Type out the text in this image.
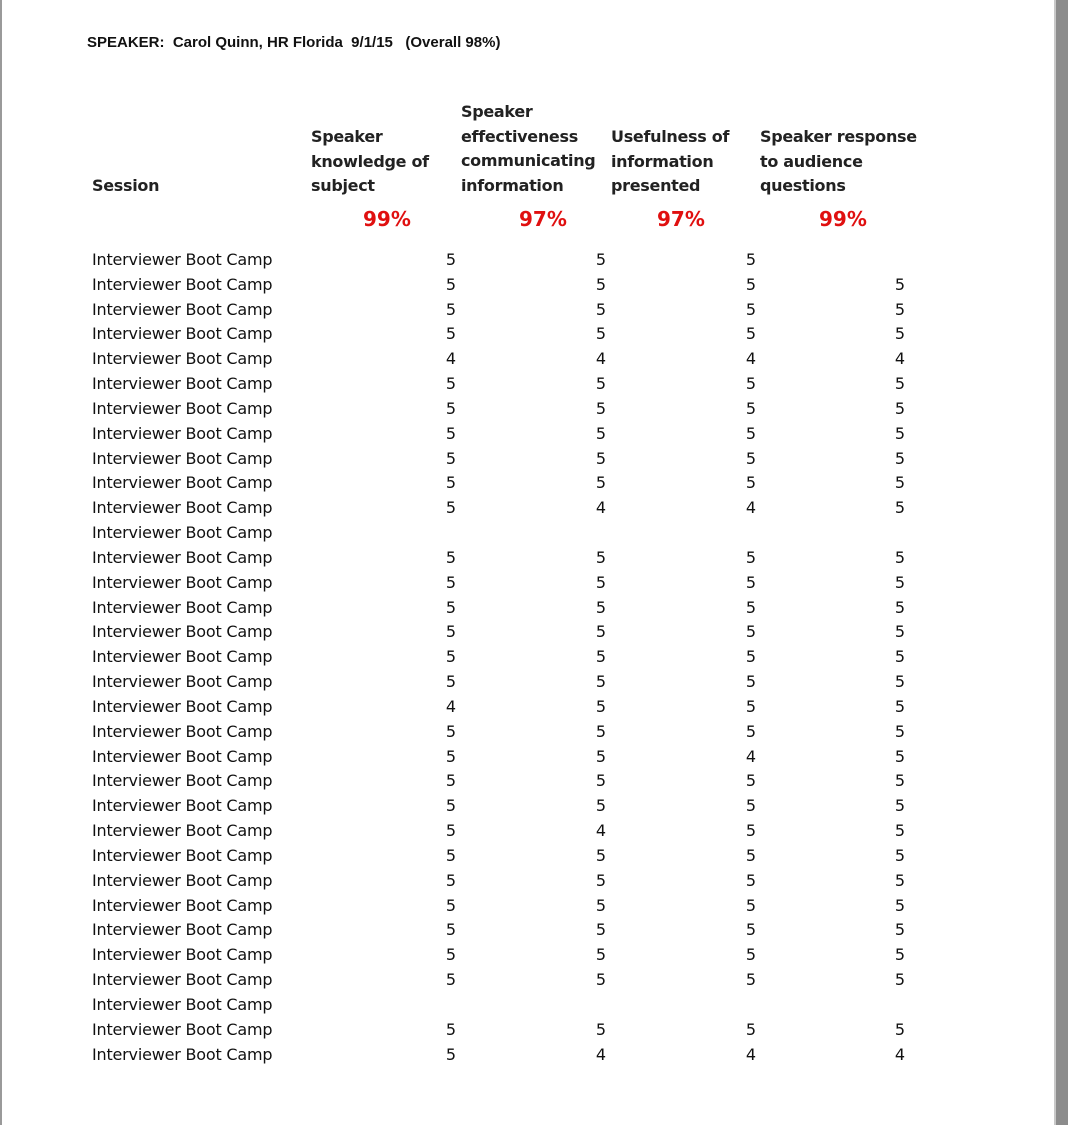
SPEAKER:  Carol Quinn, HR Florida  9/1/15   (Overall 98%)
Session
Speaker
knowledge of
subject
Speaker
effectiveness
communicating
information
Usefulness of
information
presented
Speaker response
to audience
questions
99%	97%	97%	99%
Interviewer Boot Camp	5	5	5
Interviewer Boot Camp	5	5	5	5
Interviewer Boot Camp	5	5	5	5
Interviewer Boot Camp	5	5	5	5
Interviewer Boot Camp	4	4	4	4
Interviewer Boot Camp	5	5	5	5
Interviewer Boot Camp	5	5	5	5
Interviewer Boot Camp	5	5	5	5
Interviewer Boot Camp	5	5	5	5
Interviewer Boot Camp	5	5	5	5
Interviewer Boot Camp	5	4	4	5
Interviewer Boot Camp
Interviewer Boot Camp	5	5	5	5
Interviewer Boot Camp	5	5	5	5
Interviewer Boot Camp	5	5	5	5
Interviewer Boot Camp	5	5	5	5
Interviewer Boot Camp	5	5	5	5
Interviewer Boot Camp	5	5	5	5
Interviewer Boot Camp	4	5	5	5
Interviewer Boot Camp	5	5	5	5
Interviewer Boot Camp	5	5	4	5
Interviewer Boot Camp	5	5	5	5
Interviewer Boot Camp	5	5	5	5
Interviewer Boot Camp	5	4	5	5
Interviewer Boot Camp	5	5	5	5
Interviewer Boot Camp	5	5	5	5
Interviewer Boot Camp	5	5	5	5
Interviewer Boot Camp	5	5	5	5
Interviewer Boot Camp	5	5	5	5
Interviewer Boot Camp	5	5	5	5
Interviewer Boot Camp
Interviewer Boot Camp	5	5	5	5
Interviewer Boot Camp	5	4	4	4
